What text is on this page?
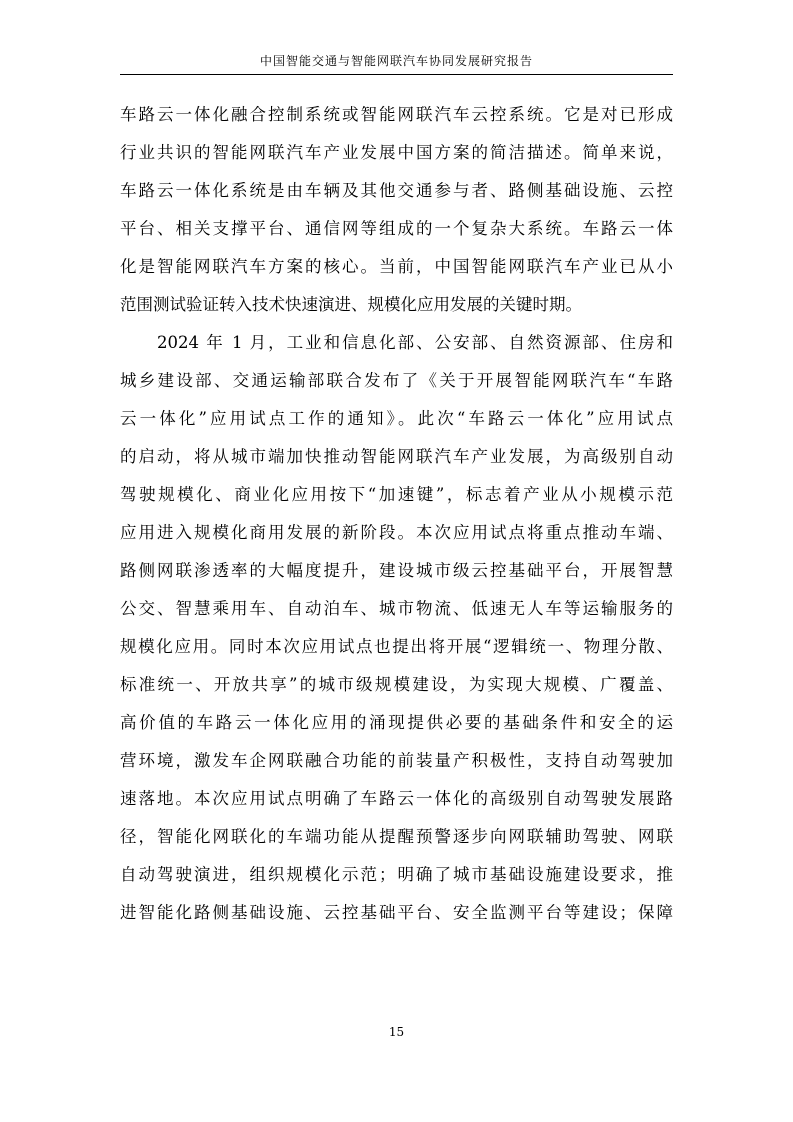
中国智能交通与智能网联汽车协同发展研究报告
车路云一体化融合控制系统或智能网联汽车云控系统。它是对已形成
行业共识的智能网联汽车产业发展中国方案的简洁描述。简单来说，
车路云一体化系统是由车辆及其他交通参与者、路侧基础设施、云控
平台、相关支撑平台、通信网等组成的一个复杂大系统。车路云一体
化是智能网联汽车方案的核心。当前，中国智能网联汽车产业已从小
范围测试验证转入技术快速演进、规模化应用发展的关键时期。
　　2024 年 1 月，工业和信息化部、公安部、自然资源部、住房和
城乡建设部、交通运输部联合发布了《关于开展智能网联汽车“车路
云一体化”应用试点工作的通知》。此次“车路云一体化”应用试点
的启动，将从城市端加快推动智能网联汽车产业发展，为高级别自动
驾驶规模化、商业化应用按下“加速键”，标志着产业从小规模示范
应用进入规模化商用发展的新阶段。本次应用试点将重点推动车端、
路侧网联渗透率的大幅度提升，建设城市级云控基础平台，开展智慧
公交、智慧乘用车、自动泊车、城市物流、低速无人车等运输服务的
规模化应用。同时本次应用试点也提出将开展“逻辑统一、物理分散、
标准统一、开放共享”的城市级规模建设，为实现大规模、广覆盖、
高价值的车路云一体化应用的涌现提供必要的基础条件和安全的运
营环境，激发车企网联融合功能的前装量产积极性，支持自动驾驶加
速落地。本次应用试点明确了车路云一体化的高级别自动驾驶发展路
径，智能化网联化的车端功能从提醒预警逐步向网联辅助驾驶、网联
自动驾驶演进，组织规模化示范；明确了城市基础设施建设要求，推
进智能化路侧基础设施、云控基础平台、安全监测平台等建设；保障
15
